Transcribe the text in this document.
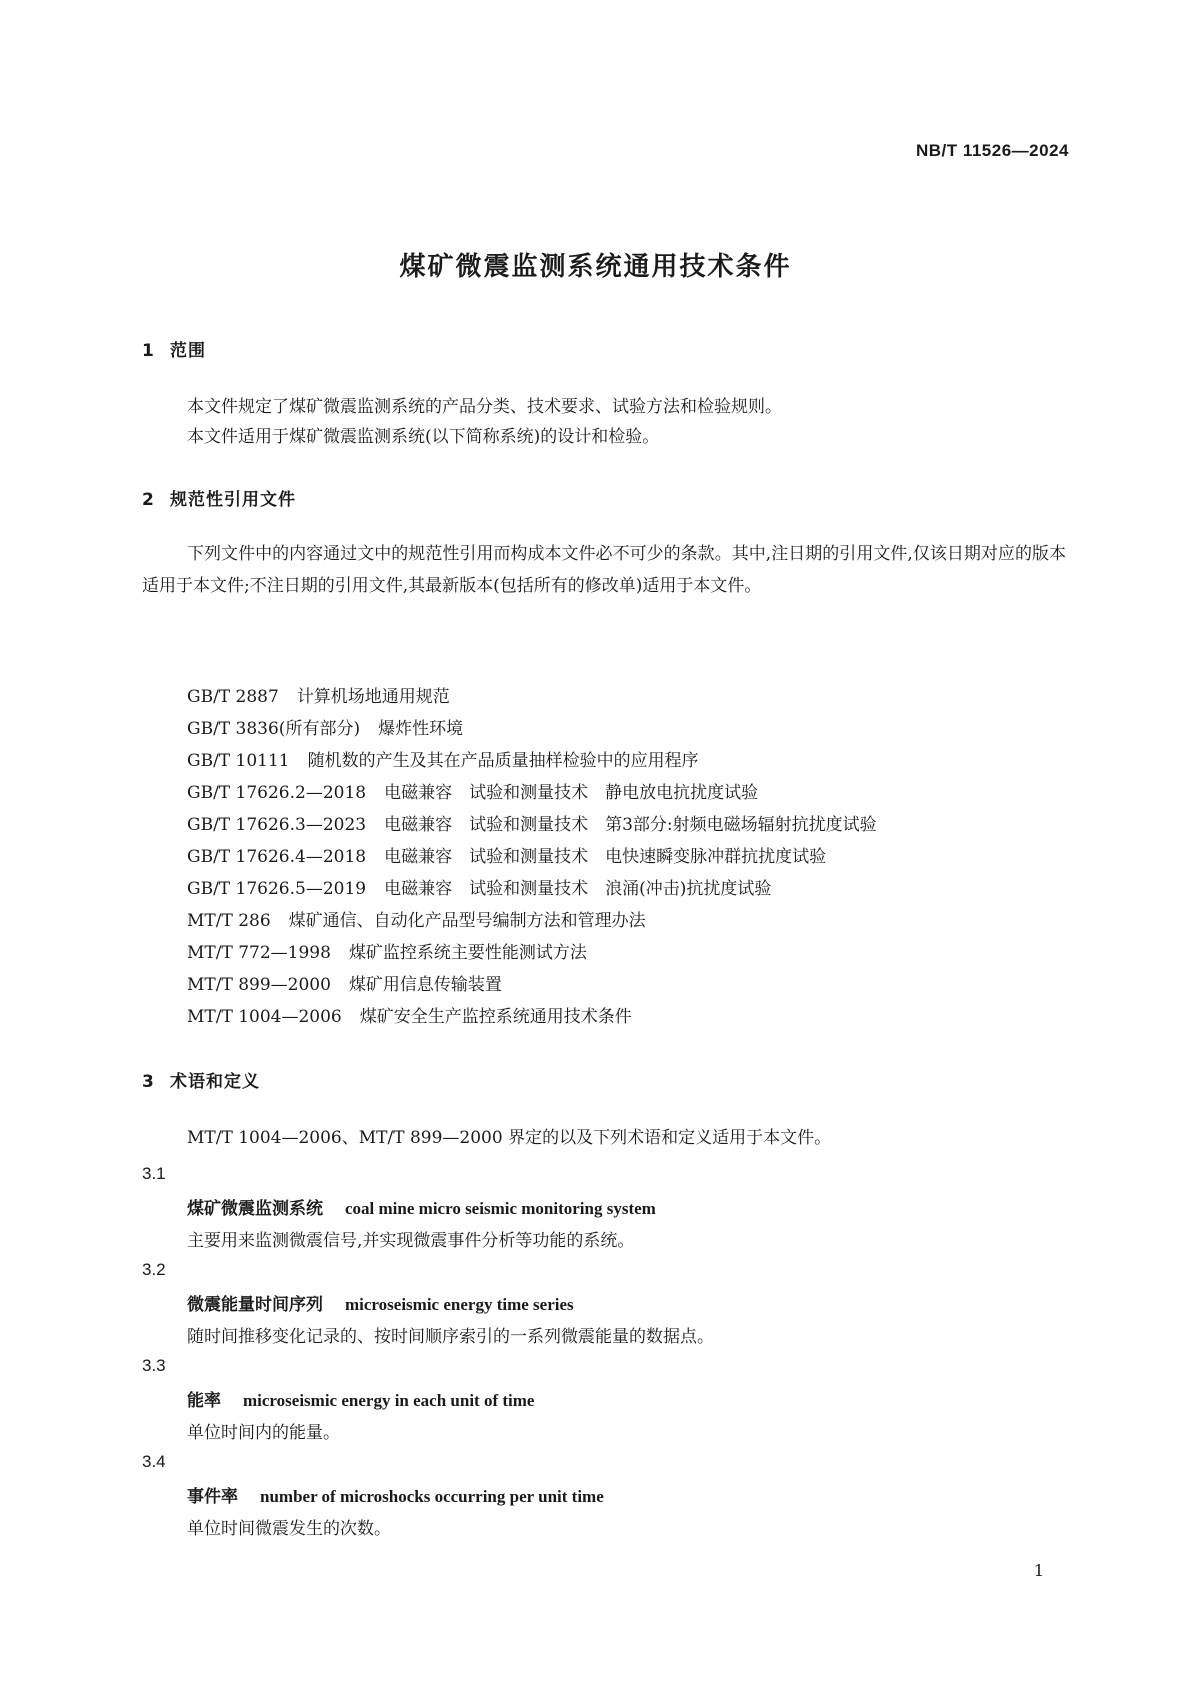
NB/T 11526—2024
煤矿微震监测系统通用技术条件
1 范围
本文件规定了煤矿微震监测系统的产品分类、技术要求、试验方法和检验规则。
本文件适用于煤矿微震监测系统(以下简称系统)的设计和检验。
2 规范性引用文件
下列文件中的内容通过文中的规范性引用而构成本文件必不可少的条款。其中,注日期的引用文件,仅该日期对应的版本适用于本文件;不注日期的引用文件,其最新版本(包括所有的修改单)适用于本文件。
GB/T 2887 计算机场地通用规范
GB/T 3836(所有部分) 爆炸性环境
GB/T 10111 随机数的产生及其在产品质量抽样检验中的应用程序
GB/T 17626.2—2018 电磁兼容　试验和测量技术　静电放电抗扰度试验
GB/T 17626.3—2023 电磁兼容　试验和测量技术　第3部分:射频电磁场辐射抗扰度试验
GB/T 17626.4—2018 电磁兼容　试验和测量技术　电快速瞬变脉冲群抗扰度试验
GB/T 17626.5—2019 电磁兼容　试验和测量技术　浪涌(冲击)抗扰度试验
MT/T 286 煤矿通信、自动化产品型号编制方法和管理办法
MT/T 772—1998 煤矿监控系统主要性能测试方法
MT/T 899—2000 煤矿用信息传输装置
MT/T 1004—2006 煤矿安全生产监控系统通用技术条件
3 术语和定义
MT/T 1004—2006、MT/T 899—2000 界定的以及下列术语和定义适用于本文件。
3.1
煤矿微震监测系统 coal mine micro seismic monitoring system
主要用来监测微震信号,并实现微震事件分析等功能的系统。
3.2
微震能量时间序列 microseismic energy time series
随时间推移变化记录的、按时间顺序索引的一系列微震能量的数据点。
3.3
能率 microseismic energy in each unit of time
单位时间内的能量。
3.4
事件率 number of microshocks occurring per unit time
单位时间微震发生的次数。
1
